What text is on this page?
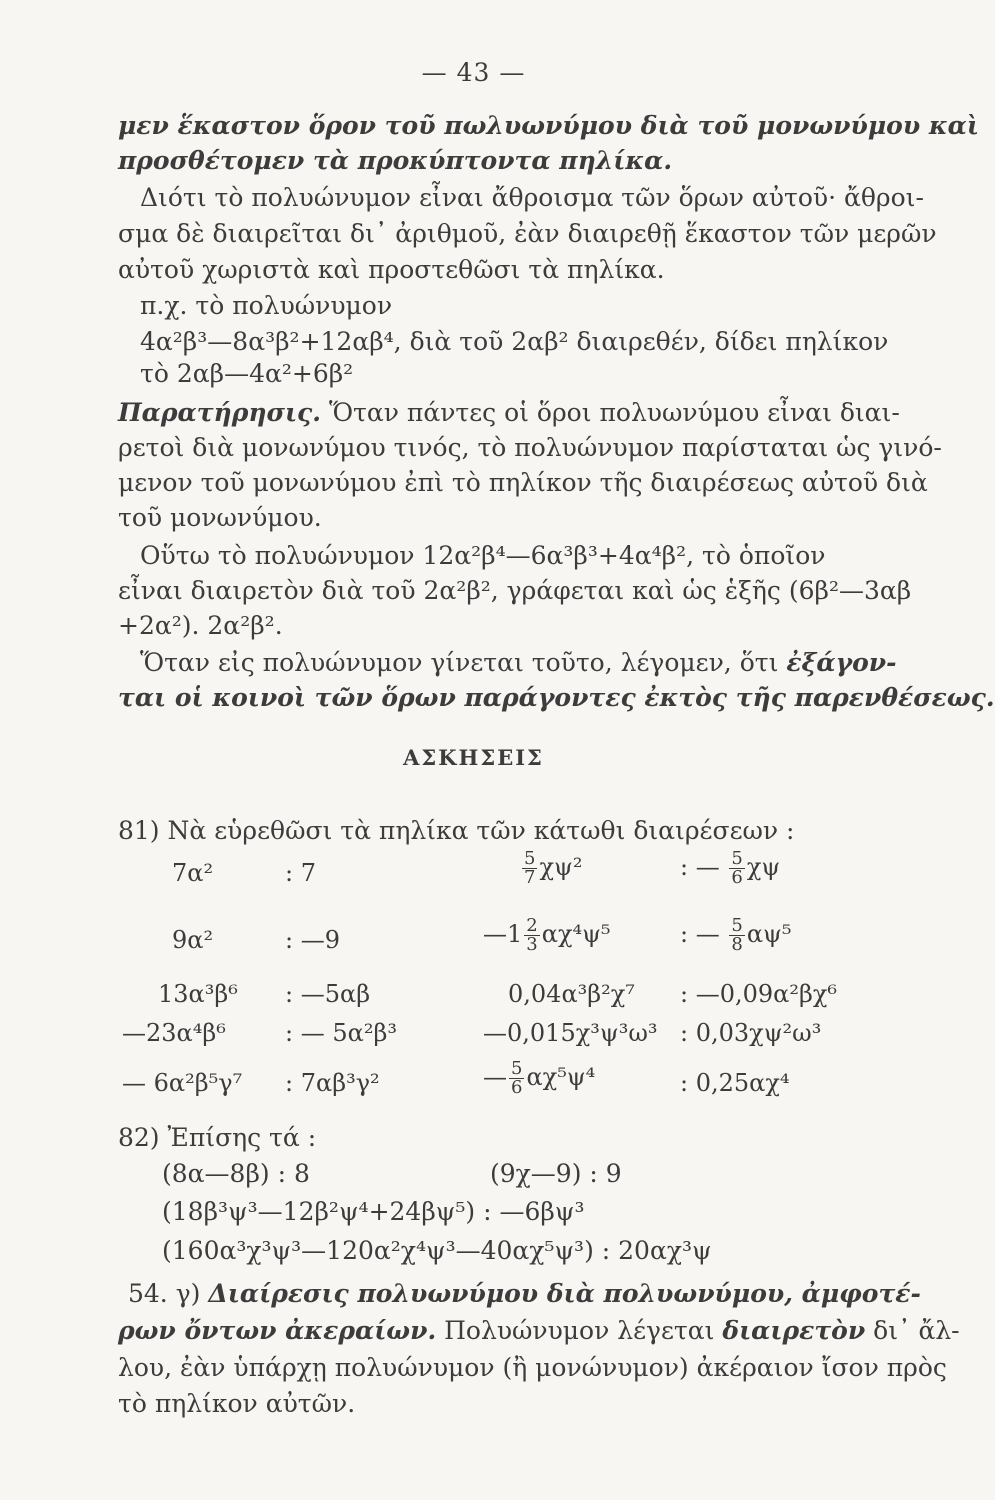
— 43 —
μεν ἕκαστον ὅρον τοῦ πωλυωνύμου διὰ τοῦ μονωνύμου καὶ
προσθέτομεν τὰ προκύπτοντα πηλίκα.
Διότι τὸ πολυώνυμον εἶναι ἄθροισμα τῶν ὅρων αὐτοῦ· ἄθροι-
σμα δὲ διαιρεῖται δι᾽ ἀριθμοῦ, ἐὰν διαιρεθῇ ἕκαστον τῶν μερῶν
αὐτοῦ χωριστὰ καὶ προστεθῶσι τὰ πηλίκα.
π.χ. τὸ πολυώνυμον
4α²β³—8α³β²+12αβ⁴, διὰ τοῦ 2αβ² διαιρεθέν, δίδει πηλίκον
τὸ 2αβ—4α²+6β²
Παρατήρησις. Ὅταν πάντες οἱ ὅροι πολυωνύμου εἶναι διαι-
ρετοὶ διὰ μονωνύμου τινός, τὸ πολυώνυμον παρίσταται ὡς γινό-
μενον τοῦ μονωνύμου ἐπὶ τὸ πηλίκον τῆς διαιρέσεως αὐτοῦ διὰ
τοῦ μονωνύμου.
Οὕτω τὸ πολυώνυμον 12α²β⁴—6α³β³+4α⁴β², τὸ ὁποῖον
εἶναι διαιρετὸν διὰ τοῦ 2α²β², γράφεται καὶ ὡς ἑξῆς (6β²—3αβ
+2α²). 2α²β².
Ὅταν εἰς πολυώνυμον γίνεται τοῦτο, λέγομεν, ὅτι ἐξάγον-
ται οἱ κοινοὶ τῶν ὅρων παράγοντες ἐκτὸς τῆς παρενθέσεως.
ΑΣΚΗΣΕΙΣ
81) Νὰ εὑρεθῶσι τὰ πηλίκα τῶν κάτωθι διαιρέσεων :
7α²	: 7	$\frac{5}{7} \chi\psi^2$	: — $\frac{5}{6}$ χψ
9α²	: —9	—1 $\frac{2}{3} \alpha\chi^4\psi^5$	: — $\frac{5}{8} \alpha\psi^5$
13α³β⁶ : —5αβ	0,04α³β²χ⁷ : —0,09α²βχ⁶
—23α⁴β⁶ : — 5α²β³	—0,015χ³ψ³ω³ : 0,03χψ²ω³
— 6α²β⁵γ⁷ : 7αβ³γ²	— $\frac{5}{6} \alpha\chi^5\psi^4$	: 0,25αχ⁴
82) Ἐπίσης τά :
(8α—8β) : 8	(9χ—9) : 9
(18β³ψ³—12β²ψ⁴+24βψ⁵) : —6βψ³
(160α³χ³ψ³—120α²χ⁴ψ³—40αχ⁵ψ³) : 20αχ³ψ
54. γ) Διαίρεσις πολυωνύμου διὰ πολυωνύμου, ἀμφοτέ-
ρων ὄντων ἀκεραίων. Πολυώνυμον λέγεται διαιρετὸν δι᾽ ἄλ-
λου, ἐὰν ὑπάρχῃ πολυώνυμον (ἢ μονώνυμον) ἀκέραιον ἴσον πρὸς
τὸ πηλίκον αὐτῶν.
